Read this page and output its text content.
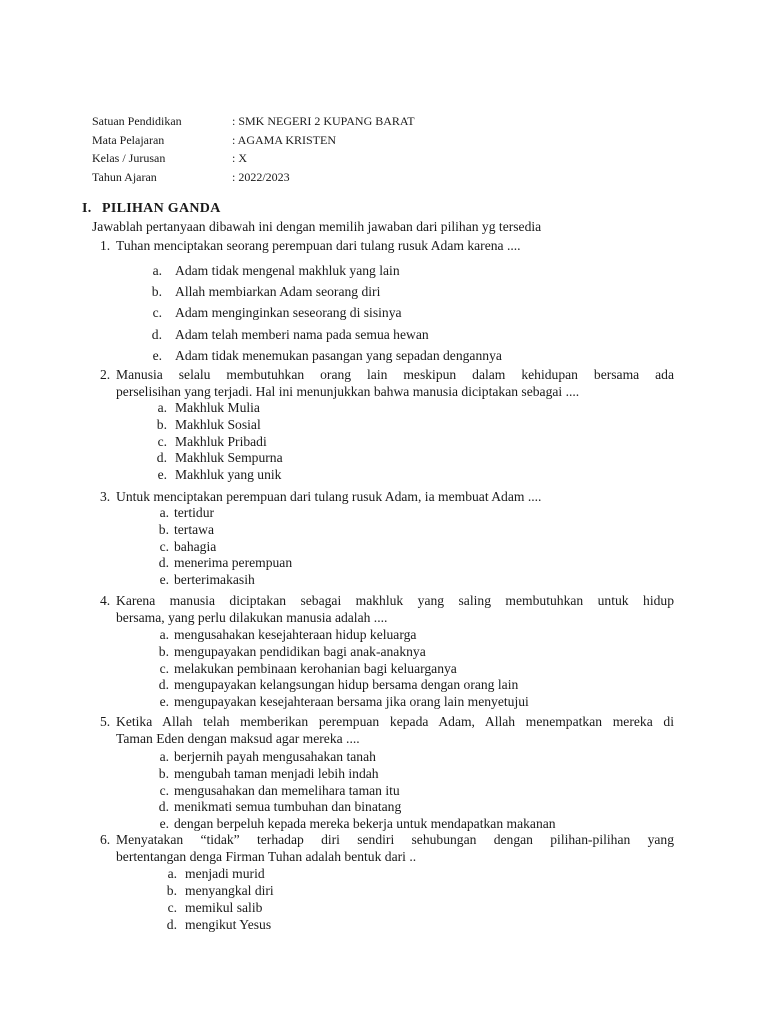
Satuan Pendidikan	: SMK NEGERI 2 KUPANG BARAT
Mata Pelajaran	: AGAMA KRISTEN
Kelas / Jurusan	: X
Tahun Ajaran	: 2022/2023
I. PILIHAN GANDA
Jawablah pertanyaan dibawah ini dengan memilih jawaban dari pilihan yg tersedia
1. Tuhan menciptakan seorang perempuan dari tulang rusuk Adam karena ....
a. Adam tidak mengenal makhluk yang lain
b. Allah membiarkan Adam seorang diri
c. Adam menginginkan seseorang di sisinya
d. Adam telah memberi nama pada semua hewan
e. Adam tidak menemukan pasangan yang sepadan dengannya
2. Manusia selalu membutuhkan orang lain meskipun dalam kehidupan bersama ada
perselisihan yang terjadi. Hal ini menunjukkan bahwa manusia diciptakan sebagai ....
a. Makhluk Mulia
b. Makhluk Sosial
c. Makhluk Pribadi
d. Makhluk Sempurna
e. Makhluk yang unik
3. Untuk menciptakan perempuan dari tulang rusuk Adam, ia membuat Adam ....
a. tertidur
b. tertawa
c. bahagia
d. menerima perempuan
e. berterimakasih
4. Karena manusia diciptakan sebagai makhluk yang saling membutuhkan untuk hidup
bersama, yang perlu dilakukan manusia adalah ....
a. mengusahakan kesejahteraan hidup keluarga
b. mengupayakan pendidikan bagi anak-anaknya
c. melakukan pembinaan kerohanian bagi keluarganya
d. mengupayakan kelangsungan hidup bersama dengan orang lain
e. mengupayakan kesejahteraan bersama jika orang lain menyetujui
5. Ketika Allah telah memberikan perempuan kepada Adam, Allah menempatkan mereka di
Taman Eden dengan maksud agar mereka ....
a. berjernih payah mengusahakan tanah
b. mengubah taman menjadi lebih indah
c. mengusahakan dan memelihara taman itu
d. menikmati semua tumbuhan dan binatang
e. dengan berpeluh kepada mereka bekerja untuk mendapatkan makanan
6. Menyatakan “tidak” terhadap diri sendiri sehubungan dengan pilihan-pilihan yang
bertentangan denga Firman Tuhan adalah bentuk dari ..
a. menjadi murid
b. menyangkal diri
c. memikul salib
d. mengikut Yesus
